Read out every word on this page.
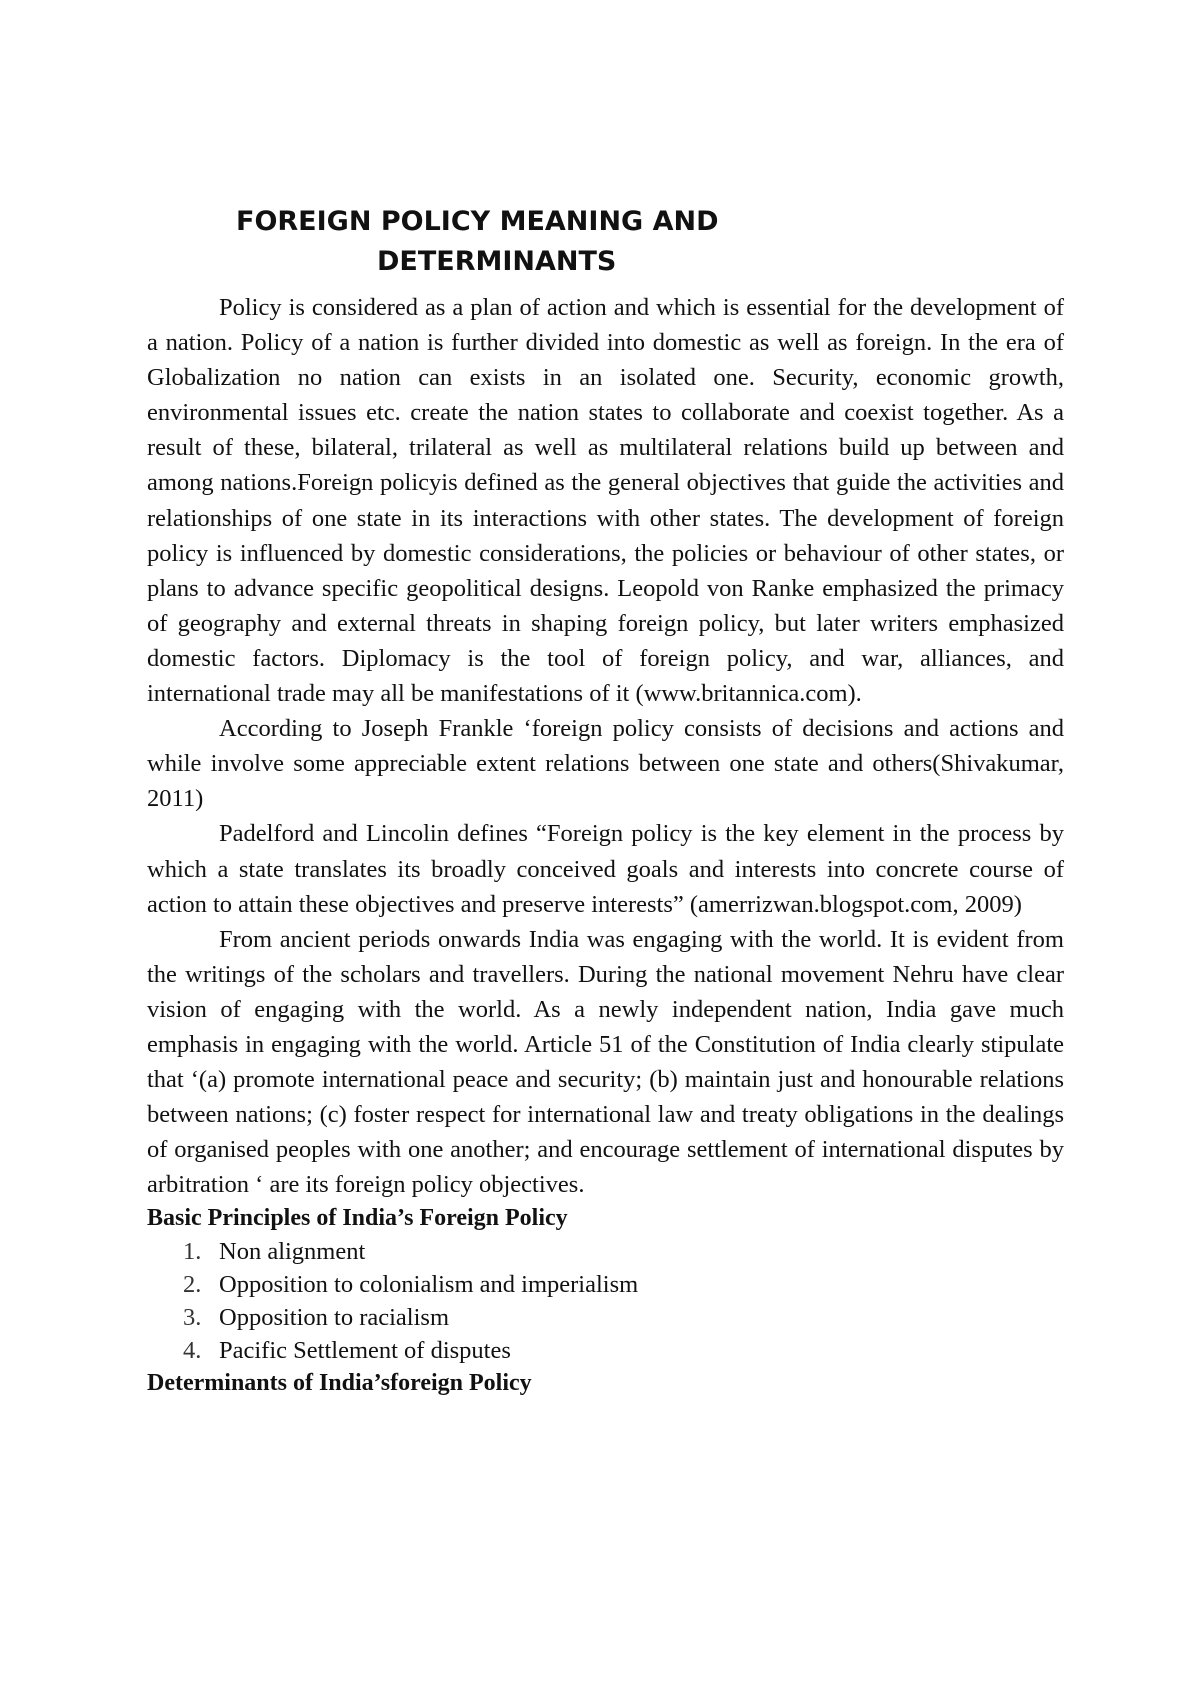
FOREIGN POLICY MEANING AND
DETERMINANTS

Policy is considered as a plan of action and which is essential for the development of a nation. Policy of a nation is further divided into domestic as well as foreign. In the era of Globalization no nation can exists in an isolated one. Security, economic growth, environmental issues etc. create the nation states to collaborate and coexist together. As a result of these, bilateral, trilateral as well as multilateral relations build up between and among nations.Foreign policyis defined as the general objectives that guide the activities and relationships of one state in its interactions with other states. The development of foreign policy is influenced by domestic considerations, the policies or behaviour of other states, or plans to advance specific geopolitical designs. Leopold von Ranke emphasized the primacy of geography and external threats in shaping foreign policy, but later writers emphasized domestic factors. Diplomacy is the tool of foreign policy, and war, alliances, and international trade may all be manifestations of it (www.britannica.com).

According to Joseph Frankle ‘foreign policy consists of decisions and actions and while involve some appreciable extent relations between one state and others(Shivakumar, 2011)

Padelford and Lincolin defines “Foreign policy is the key element in the process by which a state translates its broadly conceived goals and interests into concrete course of action to attain these objectives and preserve interests” (amerrizwan.blogspot.com, 2009)

From ancient periods onwards India was engaging with the world. It is evident from the writings of the scholars and travellers. During the national movement Nehru have clear vision of engaging with the world. As a newly independent nation, India gave much emphasis in engaging with the world. Article 51 of the Constitution of India clearly stipulate that ‘(a) promote international peace and security; (b) maintain just and honourable relations between nations; (c) foster respect for international law and treaty obligations in the dealings of organised peoples with one another; and encourage settlement of international disputes by arbitration ‘ are its foreign policy objectives.

Basic Principles of India’s Foreign Policy

1. Non alignment
2. Opposition to colonialism and imperialism
3. Opposition to racialism
4. Pacific Settlement of disputes

Determinants of India’sforeign Policy
